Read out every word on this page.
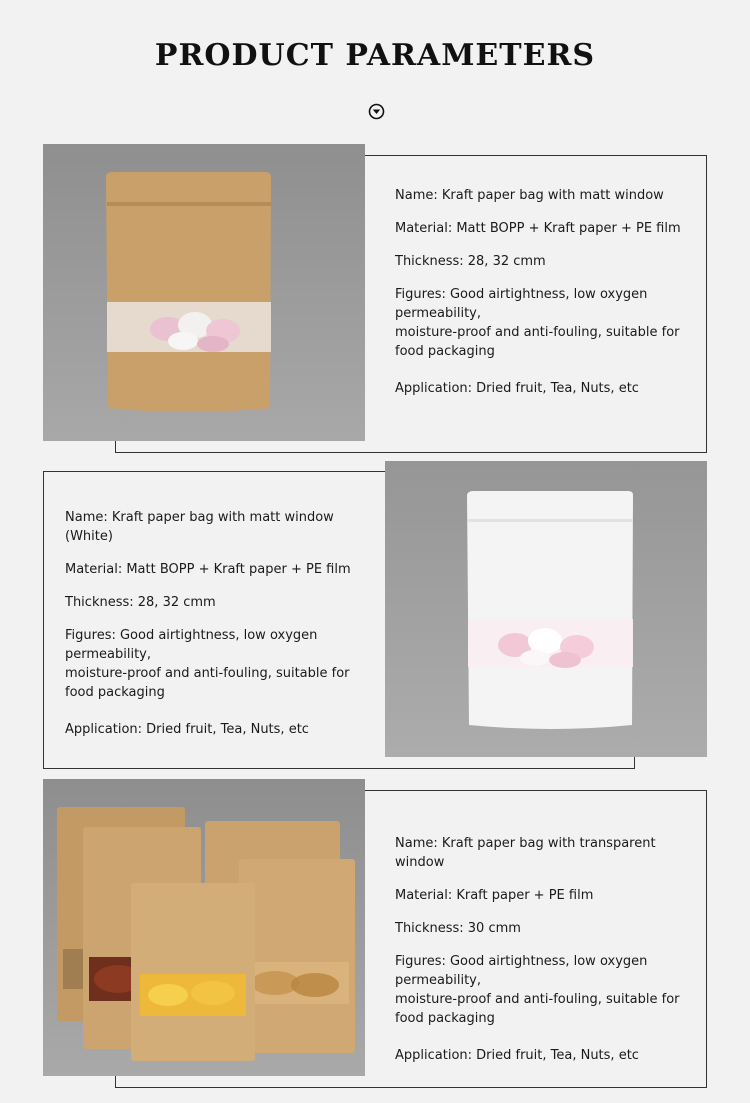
PRODUCT PARAMETERS

Name: Kraft paper bag with matt window

Material: Matt BOPP + Kraft paper + PE film

Thickness: 28, 32 cmm

Figures: Good airtightness, low oxygen permeability,
moisture-proof and anti-fouling, suitable for
food packaging

Application: Dried fruit, Tea, Nuts, etc

Name: Kraft paper bag with matt window (White)

Material: Matt BOPP + Kraft paper + PE film

Thickness: 28, 32 cmm

Figures: Good airtightness, low oxygen permeability,
moisture-proof and anti-fouling, suitable for
food packaging

Application: Dried fruit, Tea, Nuts, etc

Name: Kraft paper bag with transparent window

Material: Kraft paper + PE film

Thickness: 30 cmm

Figures: Good airtightness, low oxygen permeability,
moisture-proof and anti-fouling, suitable for
food packaging

Application: Dried fruit, Tea, Nuts, etc
